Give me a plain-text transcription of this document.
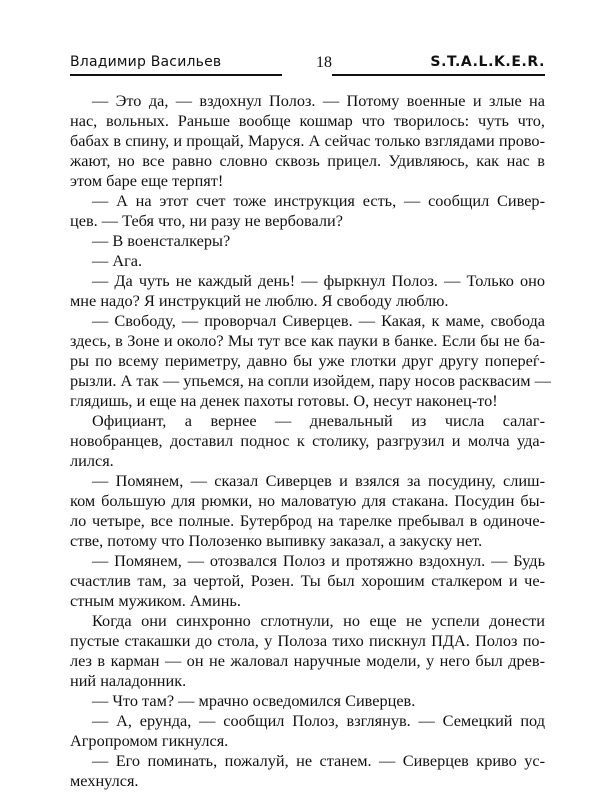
Владимир Васильев	18	S.T.A.L.K.E.R.
— Это да, — вздохнул Полоз. — Потому военные и злые на
нас, вольных. Раньше вообще кошмар что творилось: чуть что,
бабах в спину, и прощай, Маруся. А сейчас только взглядами прово-
жают, но все равно словно сквозь прицел. Удивляюсь, как нас в
этом баре еще терпят!
— А на этот счет тоже инструкция есть, — сообщил Сивер-
цев. — Тебя что, ни разу не вербовали?
— В военсталкеры?
— Ага.
— Да чуть не каждый день! — фыркнул Полоз. — Только оно
мне надо? Я инструкций не люблю. Я свободу люблю.
— Свободу, — проворчал Сиверцев. — Какая, к маме, свобода
здесь, в Зоне и около? Мы тут все как пауки в банке. Если бы не ба-
ры по всему периметру, давно бы уже глотки друг другу попереѓ-
рызли. А так — упьемся, на сопли изойдем, пару носов расквасим —
глядишь, и еще на денек пахоты готовы. О, несут наконец-то!
Официант, а вернее — дневальный из числа салаг-
новобранцев, доставил поднос к столику, разгрузил и молча уда-
лился.
— Помянем, — сказал Сиверцев и взялся за посудину, слиш-
ком большую для рюмки, но маловатую для стакана. Посудин бы-
ло четыре, все полные. Бутерброд на тарелке пребывал в одиноче-
стве, потому что Полозенко выпивку заказал, а закуску нет.
— Помянем, — отозвался Полоз и протяжно вздохнул. — Будь
счастлив там, за чертой, Розен. Ты был хорошим сталкером и че-
стным мужиком. Аминь.
Когда они синхронно сглотнули, но еще не успели донести
пустые стакашки до стола, у Полоза тихо пискнул ПДА. Полоз по-
лез в карман — он не жаловал наручные модели, у него был древ-
ний наладонник.
— Что там? — мрачно осведомился Сиверцев.
— А, ерунда, — сообщил Полоз, взглянув. — Семецкий под
Агропромом гикнулся.
— Его поминать, пожалуй, не станем. — Сиверцев криво ус-
мехнулся.
